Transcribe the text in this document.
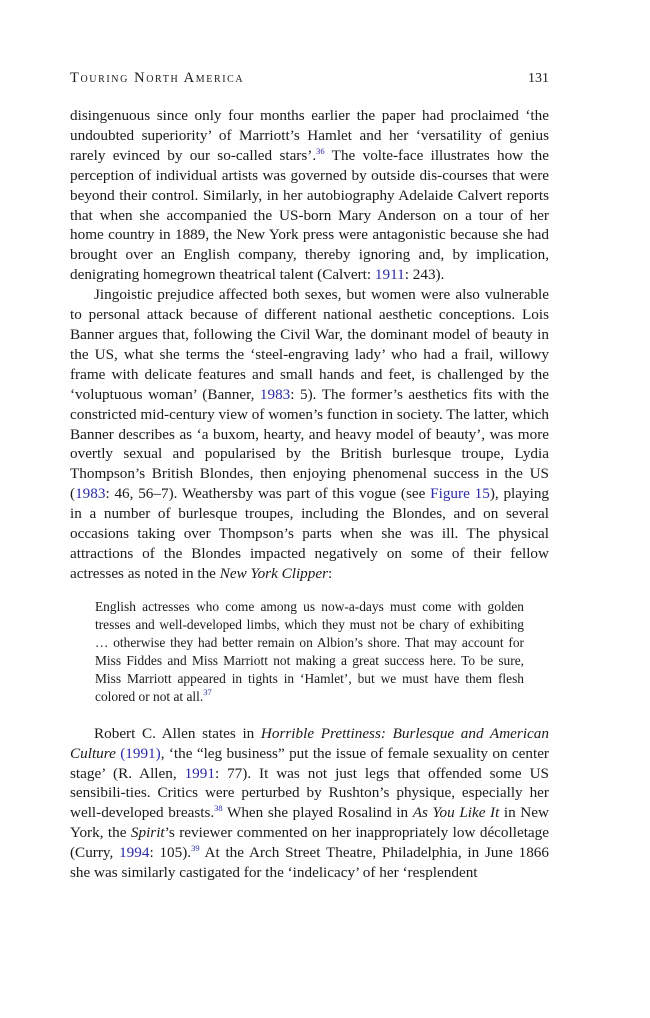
Touring North America	131

disingenuous since only four months earlier the paper had proclaimed ‘the undoubted superiority’ of Marriott’s Hamlet and her ‘versatility of genius rarely evinced by our so-called stars’.$^{36}$ The volte-face illustrates how the perception of individual artists was governed by outside dis-courses that were beyond their control. Similarly, in her autobiography Adelaide Calvert reports that when she accompanied the US-born Mary Anderson on a tour of her home country in 1889, the New York press were antagonistic because she had brought over an English company, thereby ignoring and, by implication, denigrating homegrown theatrical talent (Calvert: 1911: 243).

Jingoistic prejudice affected both sexes, but women were also vulnerable to personal attack because of different national aesthetic conceptions. Lois Banner argues that, following the Civil War, the dominant model of beauty in the US, what she terms the ‘steel-engraving lady’ who had a frail, willowy frame with delicate features and small hands and feet, is challenged by the ‘voluptuous woman’ (Banner, 1983: 5). The former’s aesthetics fits with the constricted mid-century view of women’s function in society. The latter, which Banner describes as ‘a buxom, hearty, and heavy model of beauty’, was more overtly sexual and popularised by the British burlesque troupe, Lydia Thompson’s British Blondes, then enjoying phenomenal success in the US (1983: 46, 56–7). Weathersby was part of this vogue (see Figure 15), playing in a number of burlesque troupes, including the Blondes, and on several occasions taking over Thompson’s parts when she was ill. The physical attractions of the Blondes impacted negatively on some of their fellow actresses as noted in the New York Clipper:

English actresses who come among us now-a-days must come with golden tresses and well-developed limbs, which they must not be chary of exhibiting … otherwise they had better remain on Albion’s shore. That may account for Miss Fiddes and Miss Marriott not making a great success here. To be sure, Miss Marriott appeared in tights in ‘Hamlet’, but we must have them flesh colored or not at all.$^{37}$

Robert C. Allen states in Horrible Prettiness: Burlesque and American Culture (1991), ‘the “leg business” put the issue of female sexuality on center stage’ (R. Allen, 1991: 77). It was not just legs that offended some US sensibili-ties. Critics were perturbed by Rushton’s physique, especially her well-developed breasts.$^{38}$ When she played Rosalind in As You Like It in New York, the Spirit’s reviewer commented on her inappropriately low décolletage (Curry, 1994: 105).$^{39}$ At the Arch Street Theatre, Philadelphia, in June 1866 she was similarly castigated for the ‘indelicacy’ of her ‘resplendent
